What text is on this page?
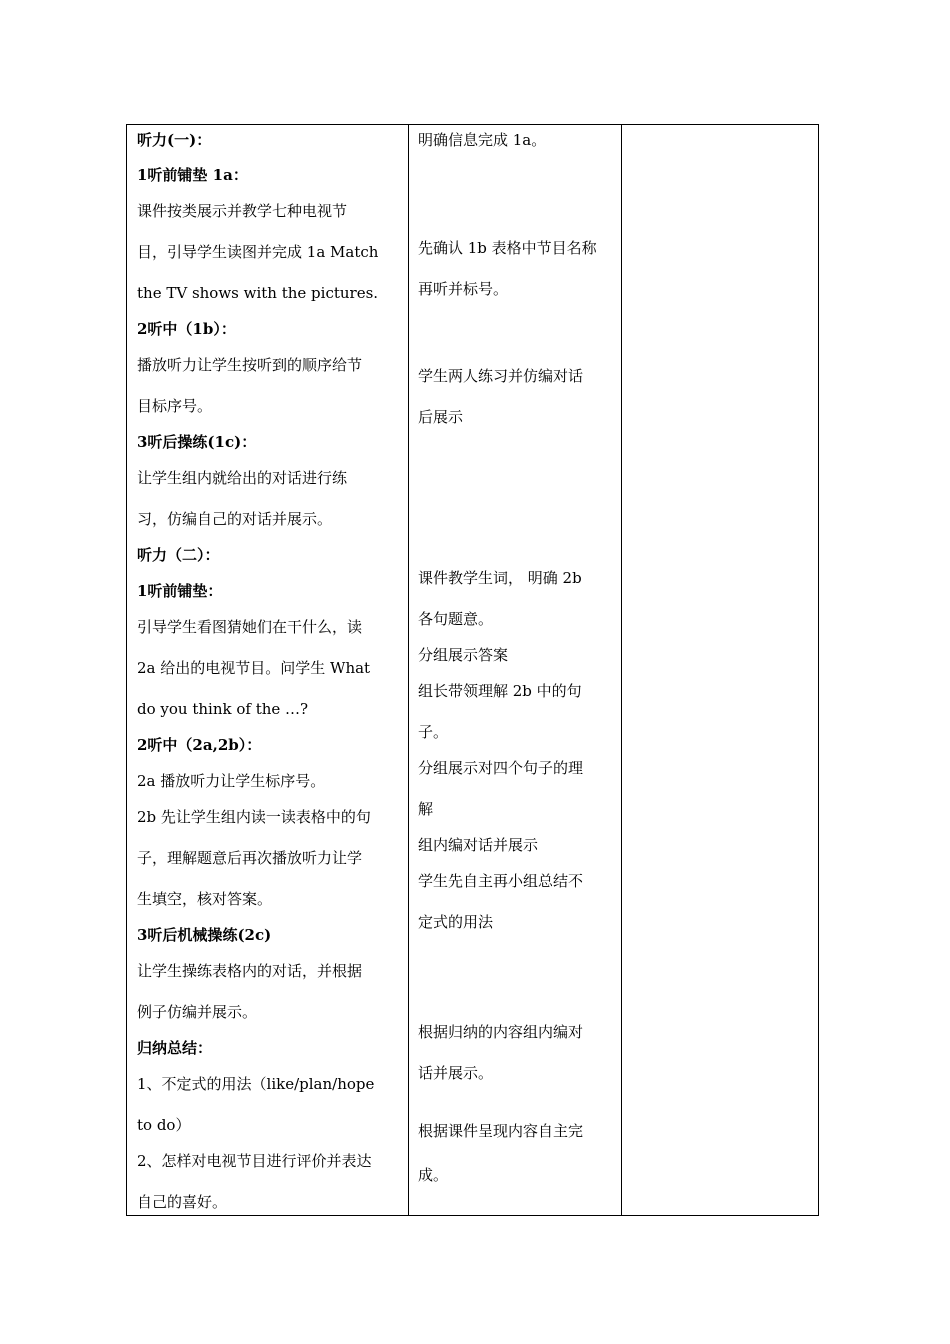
听力(一)：
1听前铺垫 1a：
课件按类展示并教学七种电视节
目，引导学生读图并完成 1a Match
the TV shows with the pictures.
2听中（1b）：
播放听力让学生按听到的顺序给节
目标序号。
3听后操练(1c)：
让学生组内就给出的对话进行练
习，仿编自己的对话并展示。
听力（二）：
1听前铺垫：
引导学生看图猜她们在干什么，读
2a 给出的电视节目。问学生 What
do you think of the …?
2听中（2a,2b）：
2a 播放听力让学生标序号。
2b 先让学生组内读一读表格中的句
子，理解题意后再次播放听力让学
生填空，核对答案。
3听后机械操练(2c)
让学生操练表格内的对话，并根据
例子仿编并展示。
归纳总结：
1、不定式的用法（like/plan/hope
to do）
2、怎样对电视节目进行评价并表达
自己的喜好。
明确信息完成 1a。
先确认 1b 表格中节目名称
再听并标号。
学生两人练习并仿编对话
后展示
课件教学生词， 明确 2b
各句题意。
分组展示答案
组长带领理解 2b 中的句
子。
分组展示对四个句子的理
解
组内编对话并展示
学生先自主再小组总结不
定式的用法
根据归纳的内容组内编对
话并展示。
根据课件呈现内容自主完
成。
